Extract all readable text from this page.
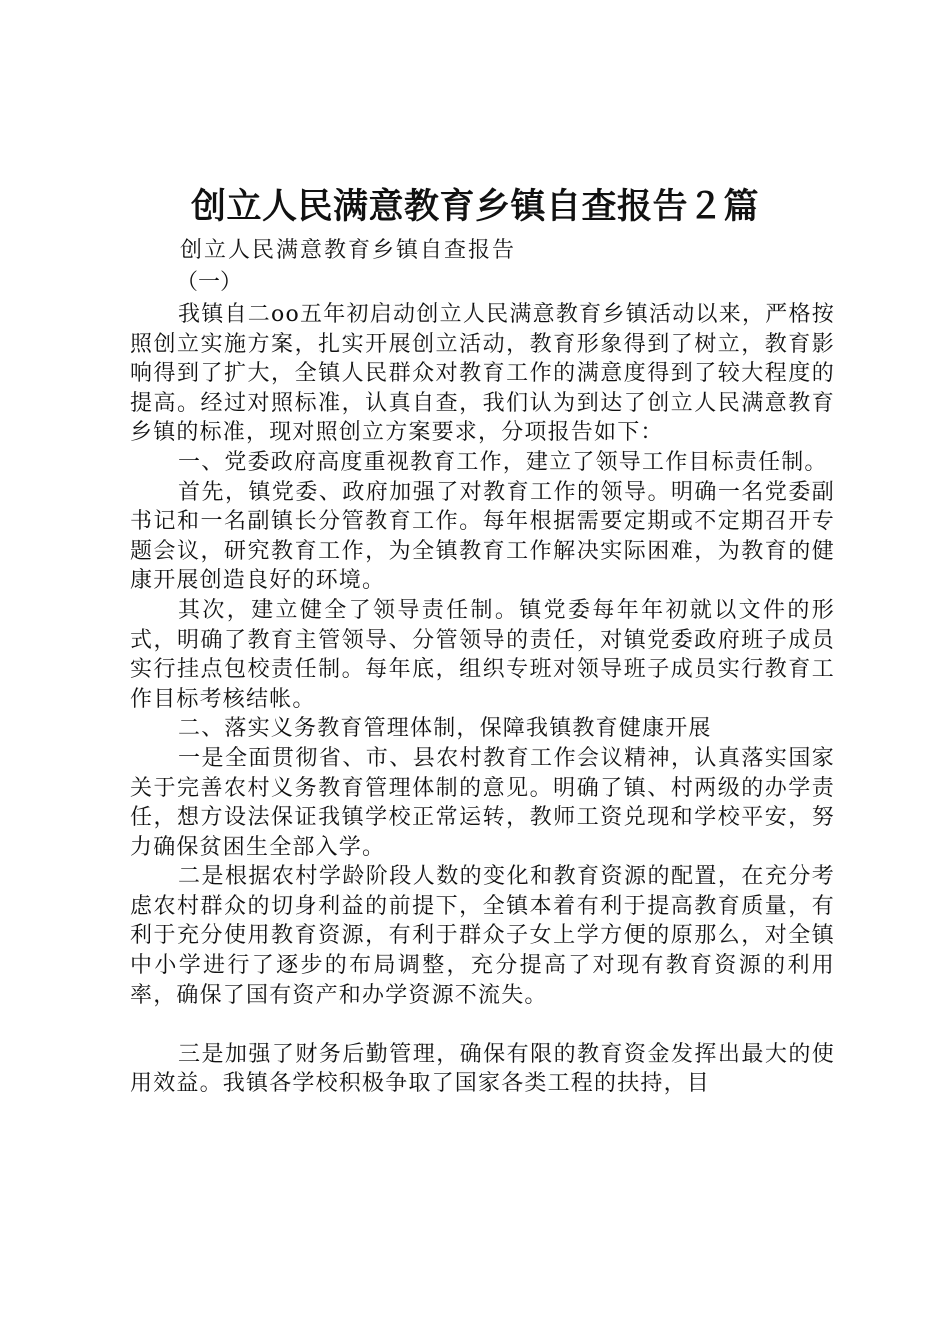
创立人民满意教育乡镇自查报告２篇

创立人民满意教育乡镇自查报告

（一）

我镇自二oo五年初启动创立人民满意教育乡镇活动以来，严格按照创立实施方案，扎实开展创立活动，教育形象得到了树立，教育影响得到了扩大，全镇人民群众对教育工作的满意度得到了较大程度的提高。经过对照标准，认真自查，我们认为到达了创立人民满意教育乡镇的标准，现对照创立方案要求，分项报告如下：

一、党委政府高度重视教育工作，建立了领导工作目标责任制。

首先，镇党委、政府加强了对教育工作的领导。明确一名党委副书记和一名副镇长分管教育工作。每年根据需要定期或不定期召开专题会议，研究教育工作，为全镇教育工作解决实际困难，为教育的健康开展创造良好的环境。

其次，建立健全了领导责任制。镇党委每年年初就以文件的形式，明确了教育主管领导、分管领导的责任，对镇党委政府班子成员实行挂点包校责任制。每年底，组织专班对领导班子成员实行教育工作目标考核结帐。

二、落实义务教育管理体制，保障我镇教育健康开展

一是全面贯彻省、市、县农村教育工作会议精神，认真落实国家关于完善农村义务教育管理体制的意见。明确了镇、村两级的办学责任，想方设法保证我镇学校正常运转，教师工资兑现和学校平安，努力确保贫困生全部入学。

二是根据农村学龄阶段人数的变化和教育资源的配置，在充分考虑农村群众的切身利益的前提下，全镇本着有利于提高教育质量，有利于充分使用教育资源，有利于群众子女上学方便的原那么，对全镇中小学进行了逐步的布局调整，充分提高了对现有教育资源的利用率，确保了国有资产和办学资源不流失。

三是加强了财务后勤管理，确保有限的教育资金发挥出最大的使用效益。我镇各学校积极争取了国家各类工程的扶持，目
